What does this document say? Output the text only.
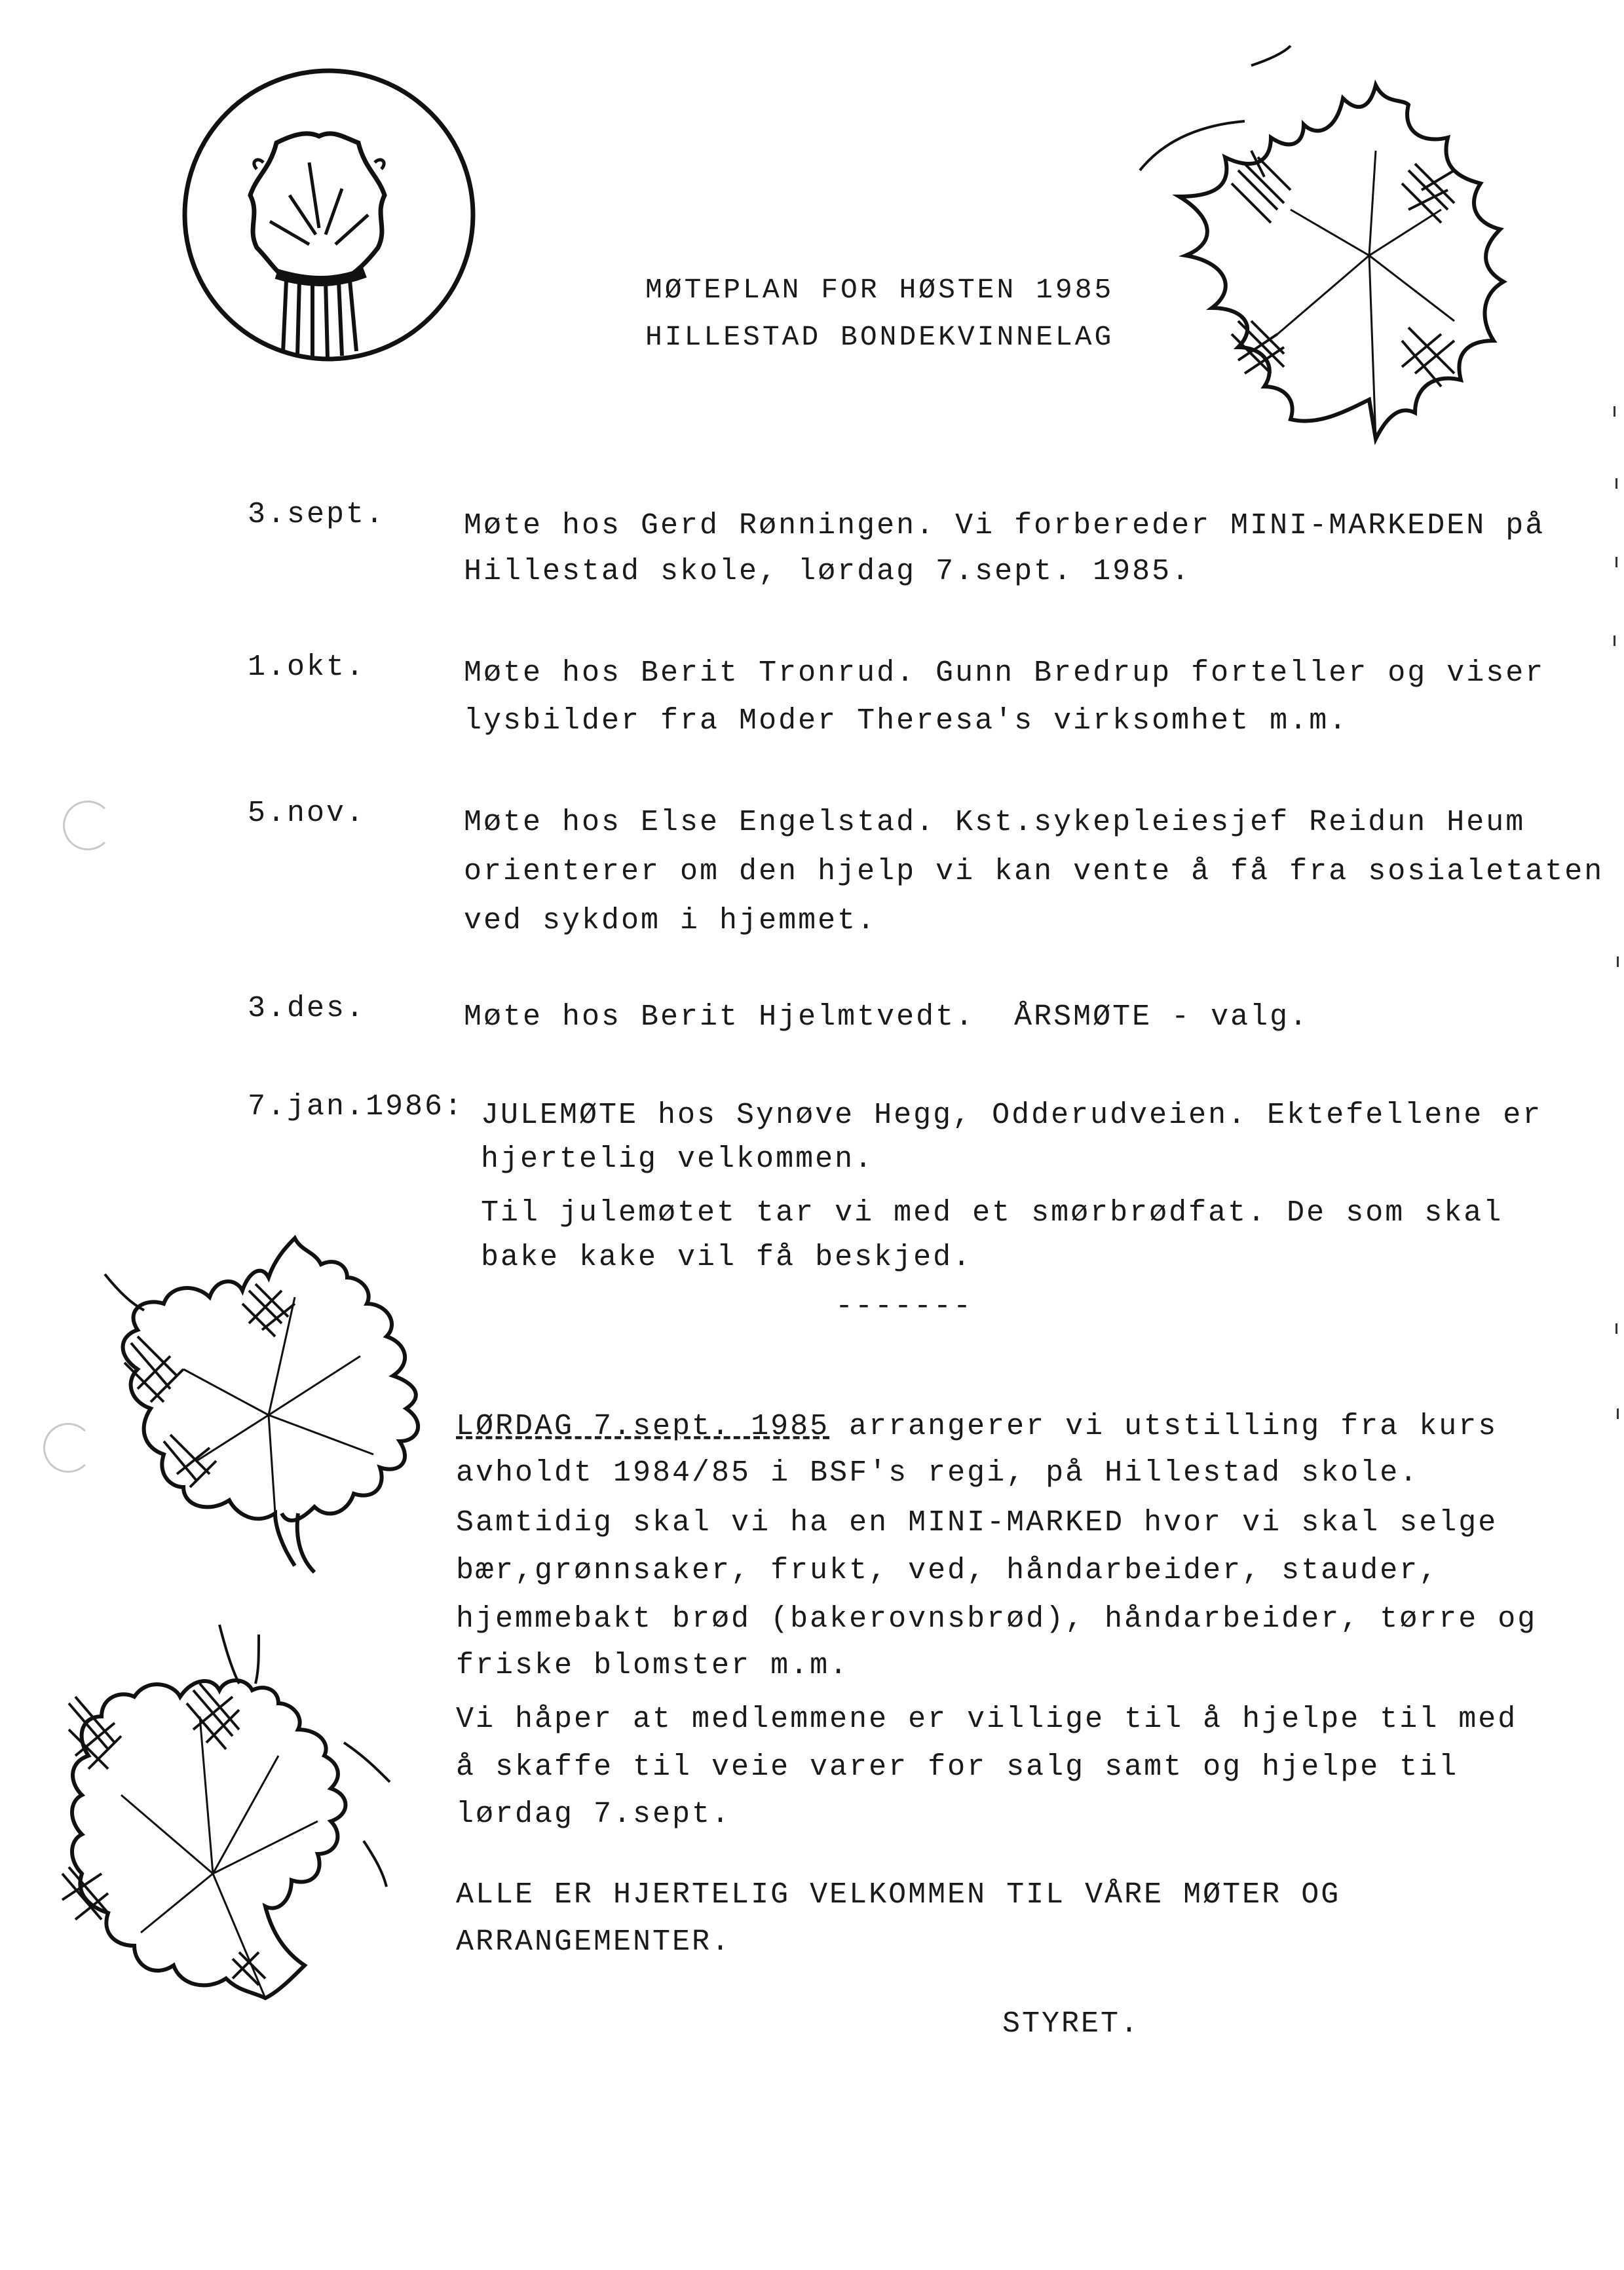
MØTEPLAN FOR HØSTEN 1985
HILLESTAD BONDEKVINNELAG
3.sept.	Møte hos Gerd Rønningen. Vi forbereder MINI-MARKEDEN på
Hillestad skole, lørdag 7.sept. 1985.
1.okt.	Møte hos Berit Tronrud. Gunn Bredrup forteller og viser
lysbilder fra Moder Theresa's virksomhet m.m.
5.nov.	Møte hos Else Engelstad. Kst.sykepleiesjef Reidun Heum
orienterer om den hjelp vi kan vente å få fra sosialetaten
ved sykdom i hjemmet.
3.des.	Møte hos Berit Hjelmtvedt.  ÅRSMØTE - valg.
7.jan.1986: JULEMØTE hos Synøve Hegg, Odderudveien. Ektefellene er
hjertelig velkommen.
Til julemøtet tar vi med et smørbrødfat. De som skal
bake kake vil få beskjed.
-------
LØRDAG 7.sept. 1985 arrangerer vi utstilling fra kurs
avholdt 1984/85 i BSF's regi, på Hillestad skole.
Samtidig skal vi ha en MINI-MARKED hvor vi skal selge
bær,grønnsaker, frukt, ved, håndarbeider, stauder,
hjemmebakt brød (bakerovnsbrød), håndarbeider, tørre og
friske blomster m.m.
Vi håper at medlemmene er villige til å hjelpe til med
å skaffe til veie varer for salg samt og hjelpe til
lørdag 7.sept.
ALLE ER HJERTELIG VELKOMMEN TIL VÅRE MØTER OG
ARRANGEMENTER.
STYRET.
